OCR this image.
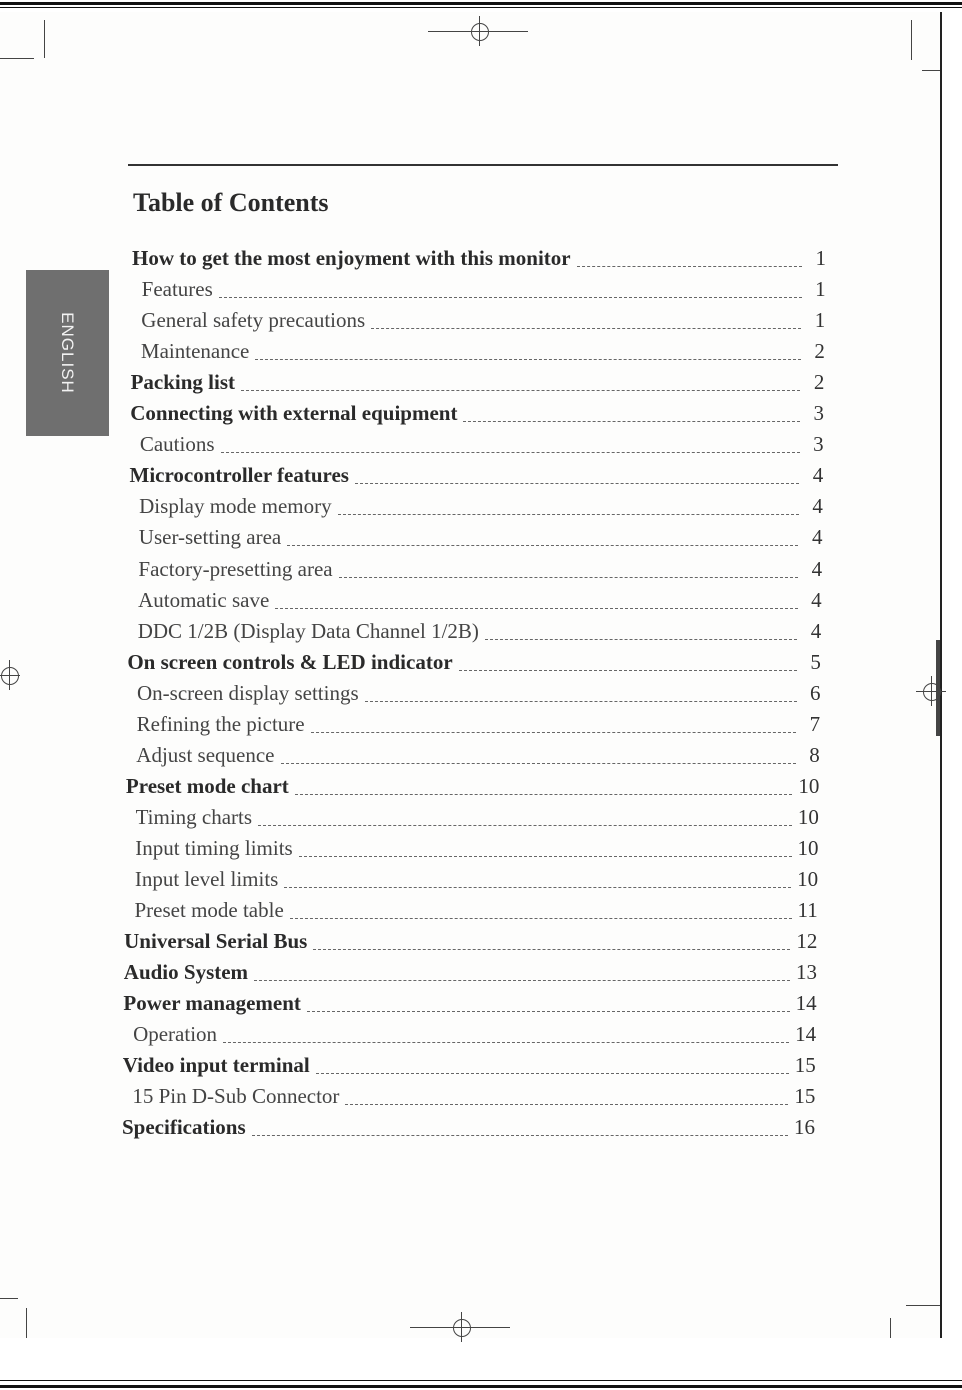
ENGLISH
Table of Contents
How to get the most enjoyment with this monitor	1
Features	1
General safety precautions	1
Maintenance	2
Packing list	2
Connecting with external equipment	3
Cautions	3
Microcontroller features	4
Display mode memory	4
User-setting area	4
Factory-presetting area	4
Automatic save	4
DDC 1/2B (Display Data Channel 1/2B)	4
On screen controls & LED indicator	5
On-screen display settings	6
Refining the picture	7
Adjust sequence	8
Preset mode chart	10
Timing charts	10
Input timing limits	10
Input level limits	10
Preset mode table	11
Universal Serial Bus	12
Audio System	13
Power management	14
Operation	14
Video input terminal	15
15 Pin D-Sub Connector	15
Specifications	16
